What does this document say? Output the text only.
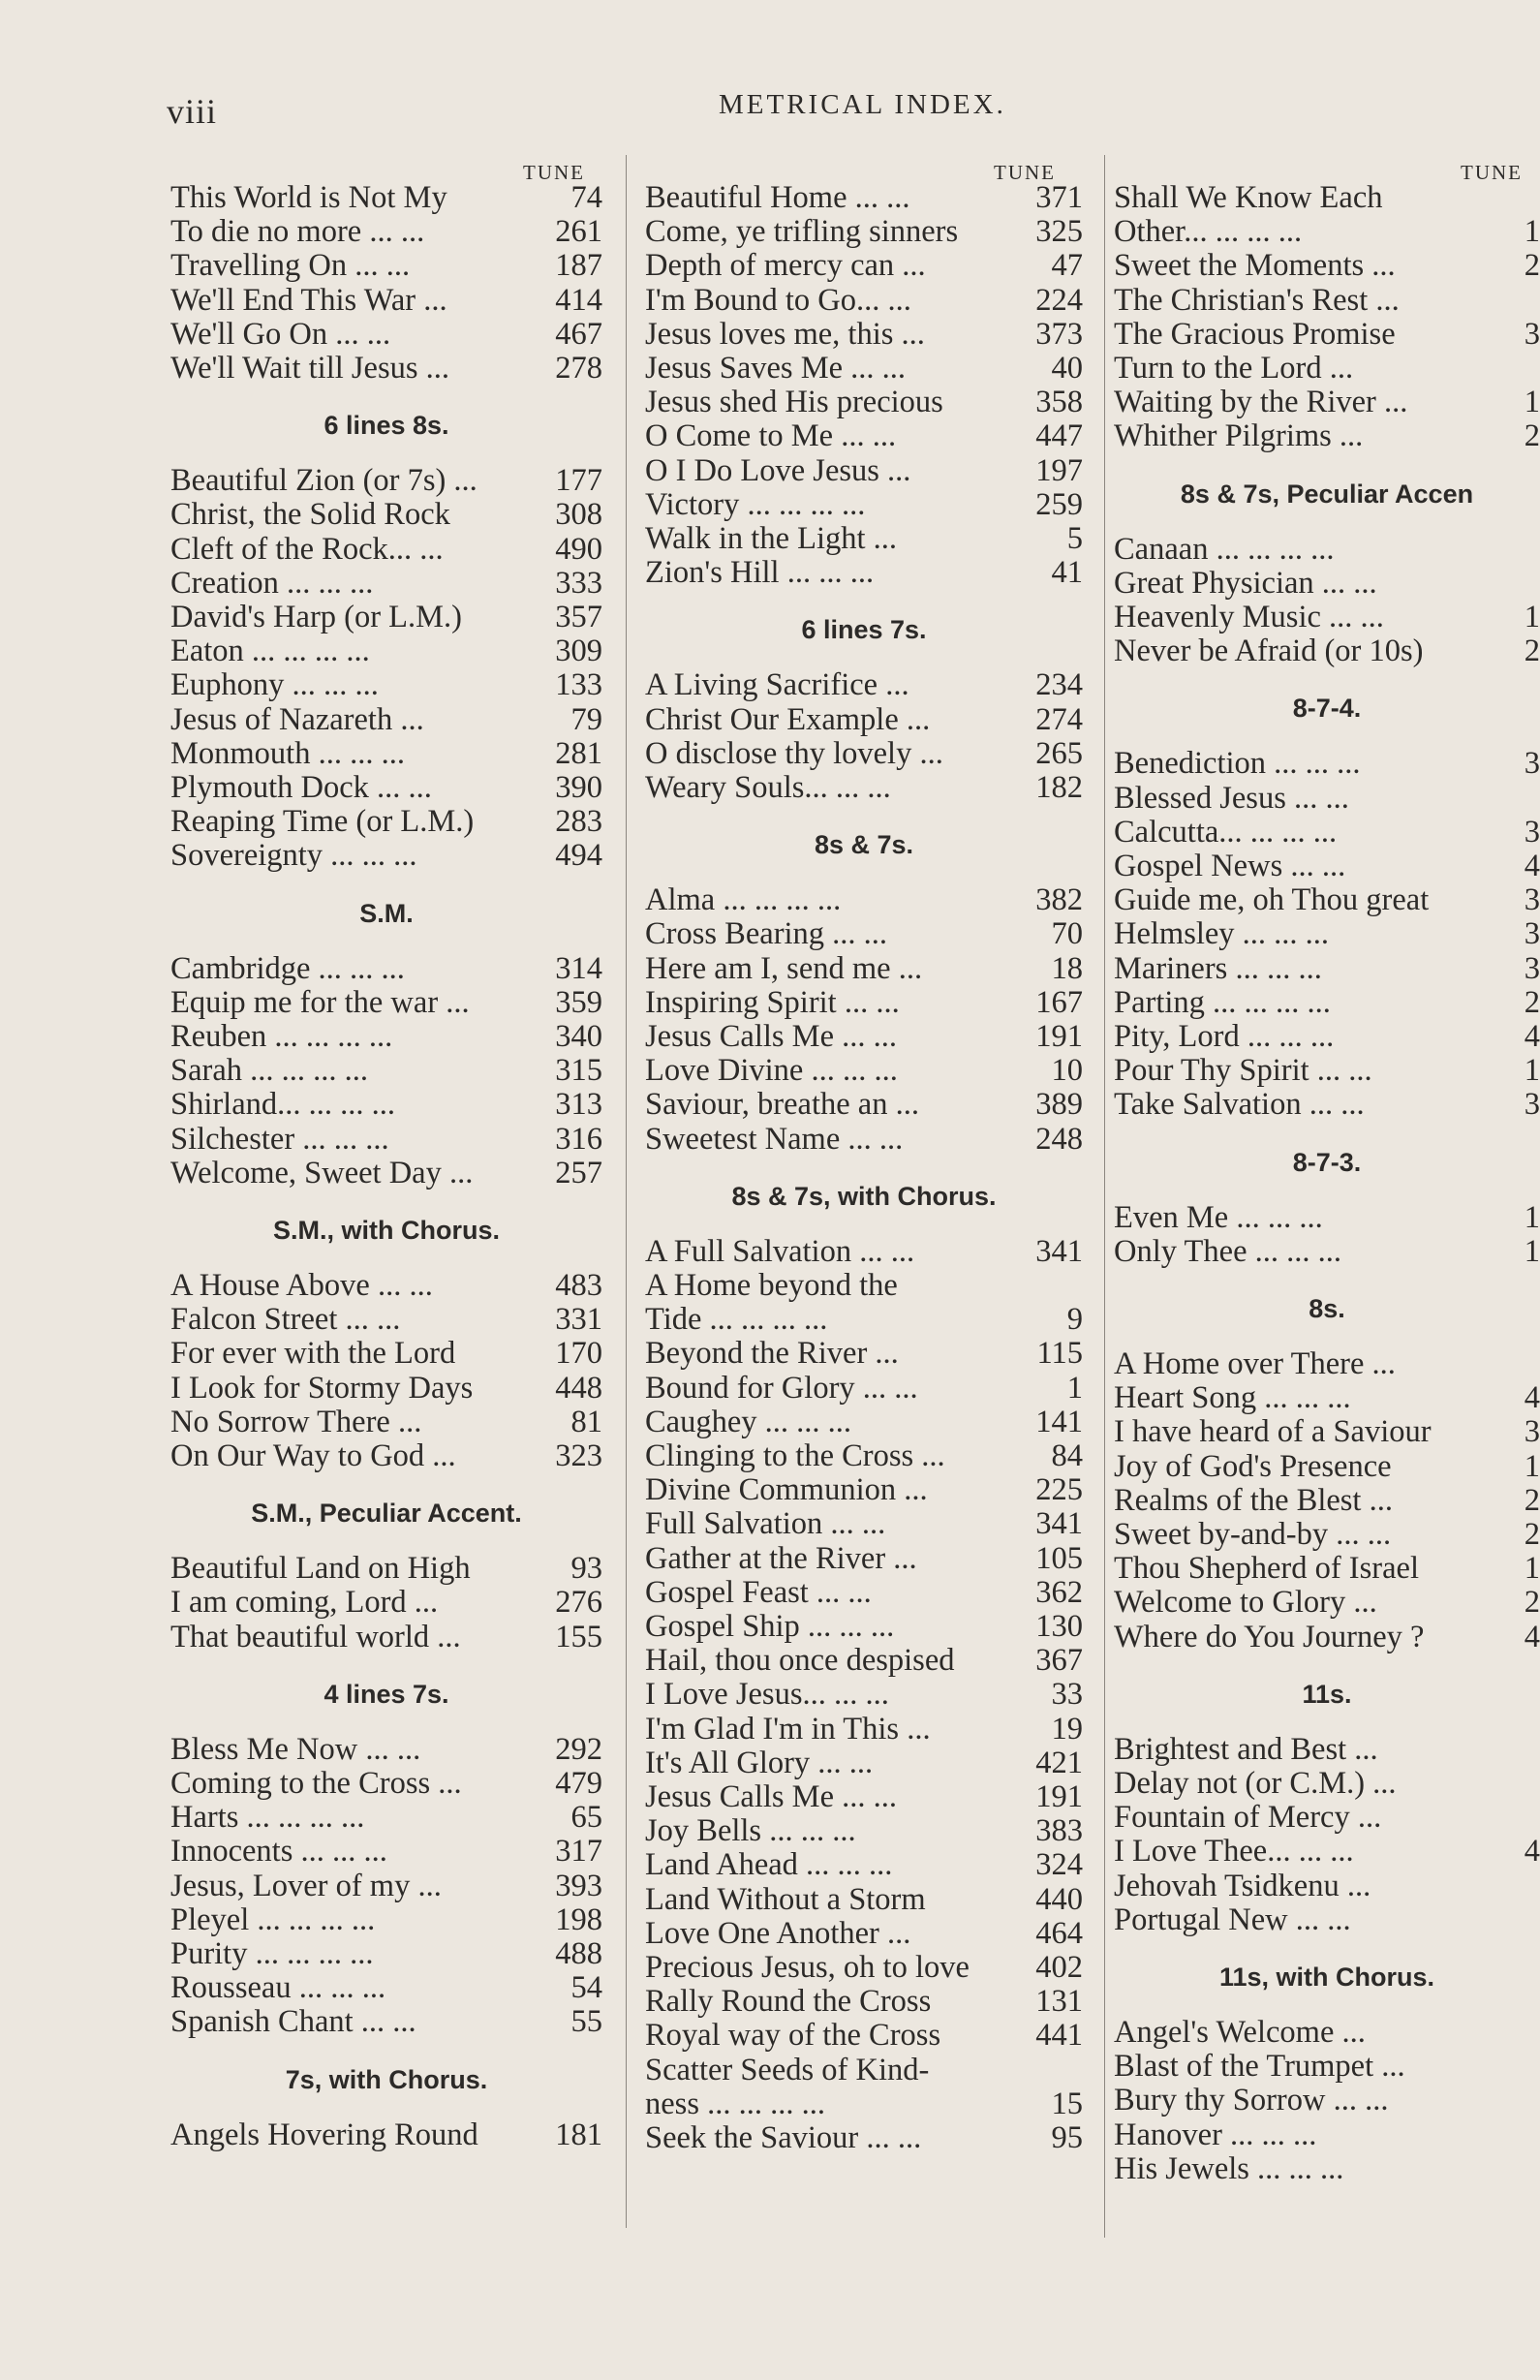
viii	METRICAL INDEX.
TUNE	TUNE	TUNE
This World is Not My	74
To die no more ... ...	261
Travelling On ... ...	187
We'll End This War ...	414
We'll Go On ... ...	467
We'll Wait till Jesus ...	278
6 lines 8s.
Beautiful Zion (or 7s) ... 177
Christ, the Solid Rock	308
Cleft of the Rock... ...	490
Creation ... ... ...	333
David's Harp (or L.M.)	357
Eaton ... ... ... ...	309
Euphony ... ... ...	133
Jesus of Nazareth ...	79
Monmouth ... ... ...	281
Plymouth Dock ... ...	390
Reaping Time (or L.M.)	283
Sovereignty ... ... ...	494
S.M.
Cambridge ... ... ...	314
Equip me for the war ...	359
Reuben ... ... ... ...	340
Sarah ... ... ... ...	315
Shirland... ... ... ...	313
Silchester ... ... ...	316
Welcome, Sweet Day ...	257
S.M., with Chorus.
A House Above ... ...	483
Falcon Street ... ...	331
For ever with the Lord	170
I Look for Stormy Days	448
No Sorrow There ...	81
On Our Way to God ...	323
S.M., Peculiar Accent.
Beautiful Land on High	93
I am coming, Lord ...	276
That beautiful world ...	155
4 lines 7s.
Bless Me Now ... ...	292
Coming to the Cross ...	479
Harts ... ... ... ...	65
Innocents ... ... ...	317
Jesus, Lover of my ...	393
Pleyel ... ... ... ...	198
Purity ... ... ... ...	488
Rousseau ... ... ...	54
Spanish Chant ... ...	55
7s, with Chorus.
Angels Hovering Round 181
Beautiful Home ... ...	371
Come, ye trifling sinners 325
Depth of mercy can ...	47
I'm Bound to Go... ...	224
Jesus loves me, this ...	373
Jesus Saves Me ... ...	40
Jesus shed His precious	358
O Come to Me ... ...	447
O I Do Love Jesus ...	197
Victory ... ... ... ...	259
Walk in the Light ...	5
Zion's Hill ... ... ...	41
6 lines 7s.
A Living Sacrifice ...	234
Christ Our Example ...	274
O disclose thy lovely ...	265
Weary Souls... ... ...	182
8s & 7s.
Alma ... ... ... ...	382
Cross Bearing ... ...	70
Here am I, send me ...	18
Inspiring Spirit ... ...	167
Jesus Calls Me ... ...	191
Love Divine ... ... ...	10
Saviour, breathe an ...	389
Sweetest Name ... ...	248
8s & 7s, with Chorus.
A Full Salvation ... ...	341
A Home beyond the
Tide ... ... ... ...	9
Beyond the River ...	115
Bound for Glory ... ...	1
Caughey ... ... ...	141
Clinging to the Cross ...	84
Divine Communion ...	225
Full Salvation ... ...	341
Gather at the River ...	105
Gospel Feast ... ...	362
Gospel Ship ... ... ...	130
Hail, thou once despised	367
I Love Jesus... ... ...	33
I'm Glad I'm in This ...	19
It's All Glory ... ...	421
Jesus Calls Me ... ...	191
Joy Bells ... ... ...	383
Land Ahead ... ... ...	324
Land Without a Storm	440
Love One Another ...	464
Precious Jesus, oh to love 402
Rally Round the Cross	131
Royal way of the Cross	441
Scatter Seeds of Kind-
ness ... ... ... ...	15
Seek the Saviour ... ...	95
Shall We Know Each
Other... ... ... ...	1
Sweet the Moments ...	2
The Christian's Rest ...
The Gracious Promise	3
Turn to the Lord ...
Waiting by the River ...	1
Whither Pilgrims ...	2
8s & 7s, Peculiar Accen
Canaan ... ... ... ...
Great Physician ... ...
Heavenly Music ... ...	1
Never be Afraid (or 10s)	2
8-7-4.
Benediction ... ... ...	3
Blessed Jesus ... ...
Calcutta... ... ... ...	3
Gospel News ... ...	4
Guide me, oh Thou great	3
Helmsley ... ... ...	3
Mariners ... ... ...	3
Parting ... ... ... ...	2
Pity, Lord ... ... ...	4
Pour Thy Spirit ... ...	1
Take Salvation ... ...	3
8-7-3.
Even Me ... ... ...	1
Only Thee ... ... ...	1
8s.
A Home over There ...
Heart Song ... ... ...	4
I have heard of a Saviour	3
Joy of God's Presence	1
Realms of the Blest ...	2
Sweet by-and-by ... ...	2
Thou Shepherd of Israel	1
Welcome to Glory ...	2
Where do You Journey ?	4
11s.
Brightest and Best ...
Delay not (or C.M.) ...
Fountain of Mercy ...
I Love Thee... ... ...	4
Jehovah Tsidkenu ...
Portugal New ... ...
11s, with Chorus.
Angel's Welcome ...
Blast of the Trumpet ...
Bury thy Sorrow ... ...
Hanover ... ... ...
His Jewels ... ... ...
